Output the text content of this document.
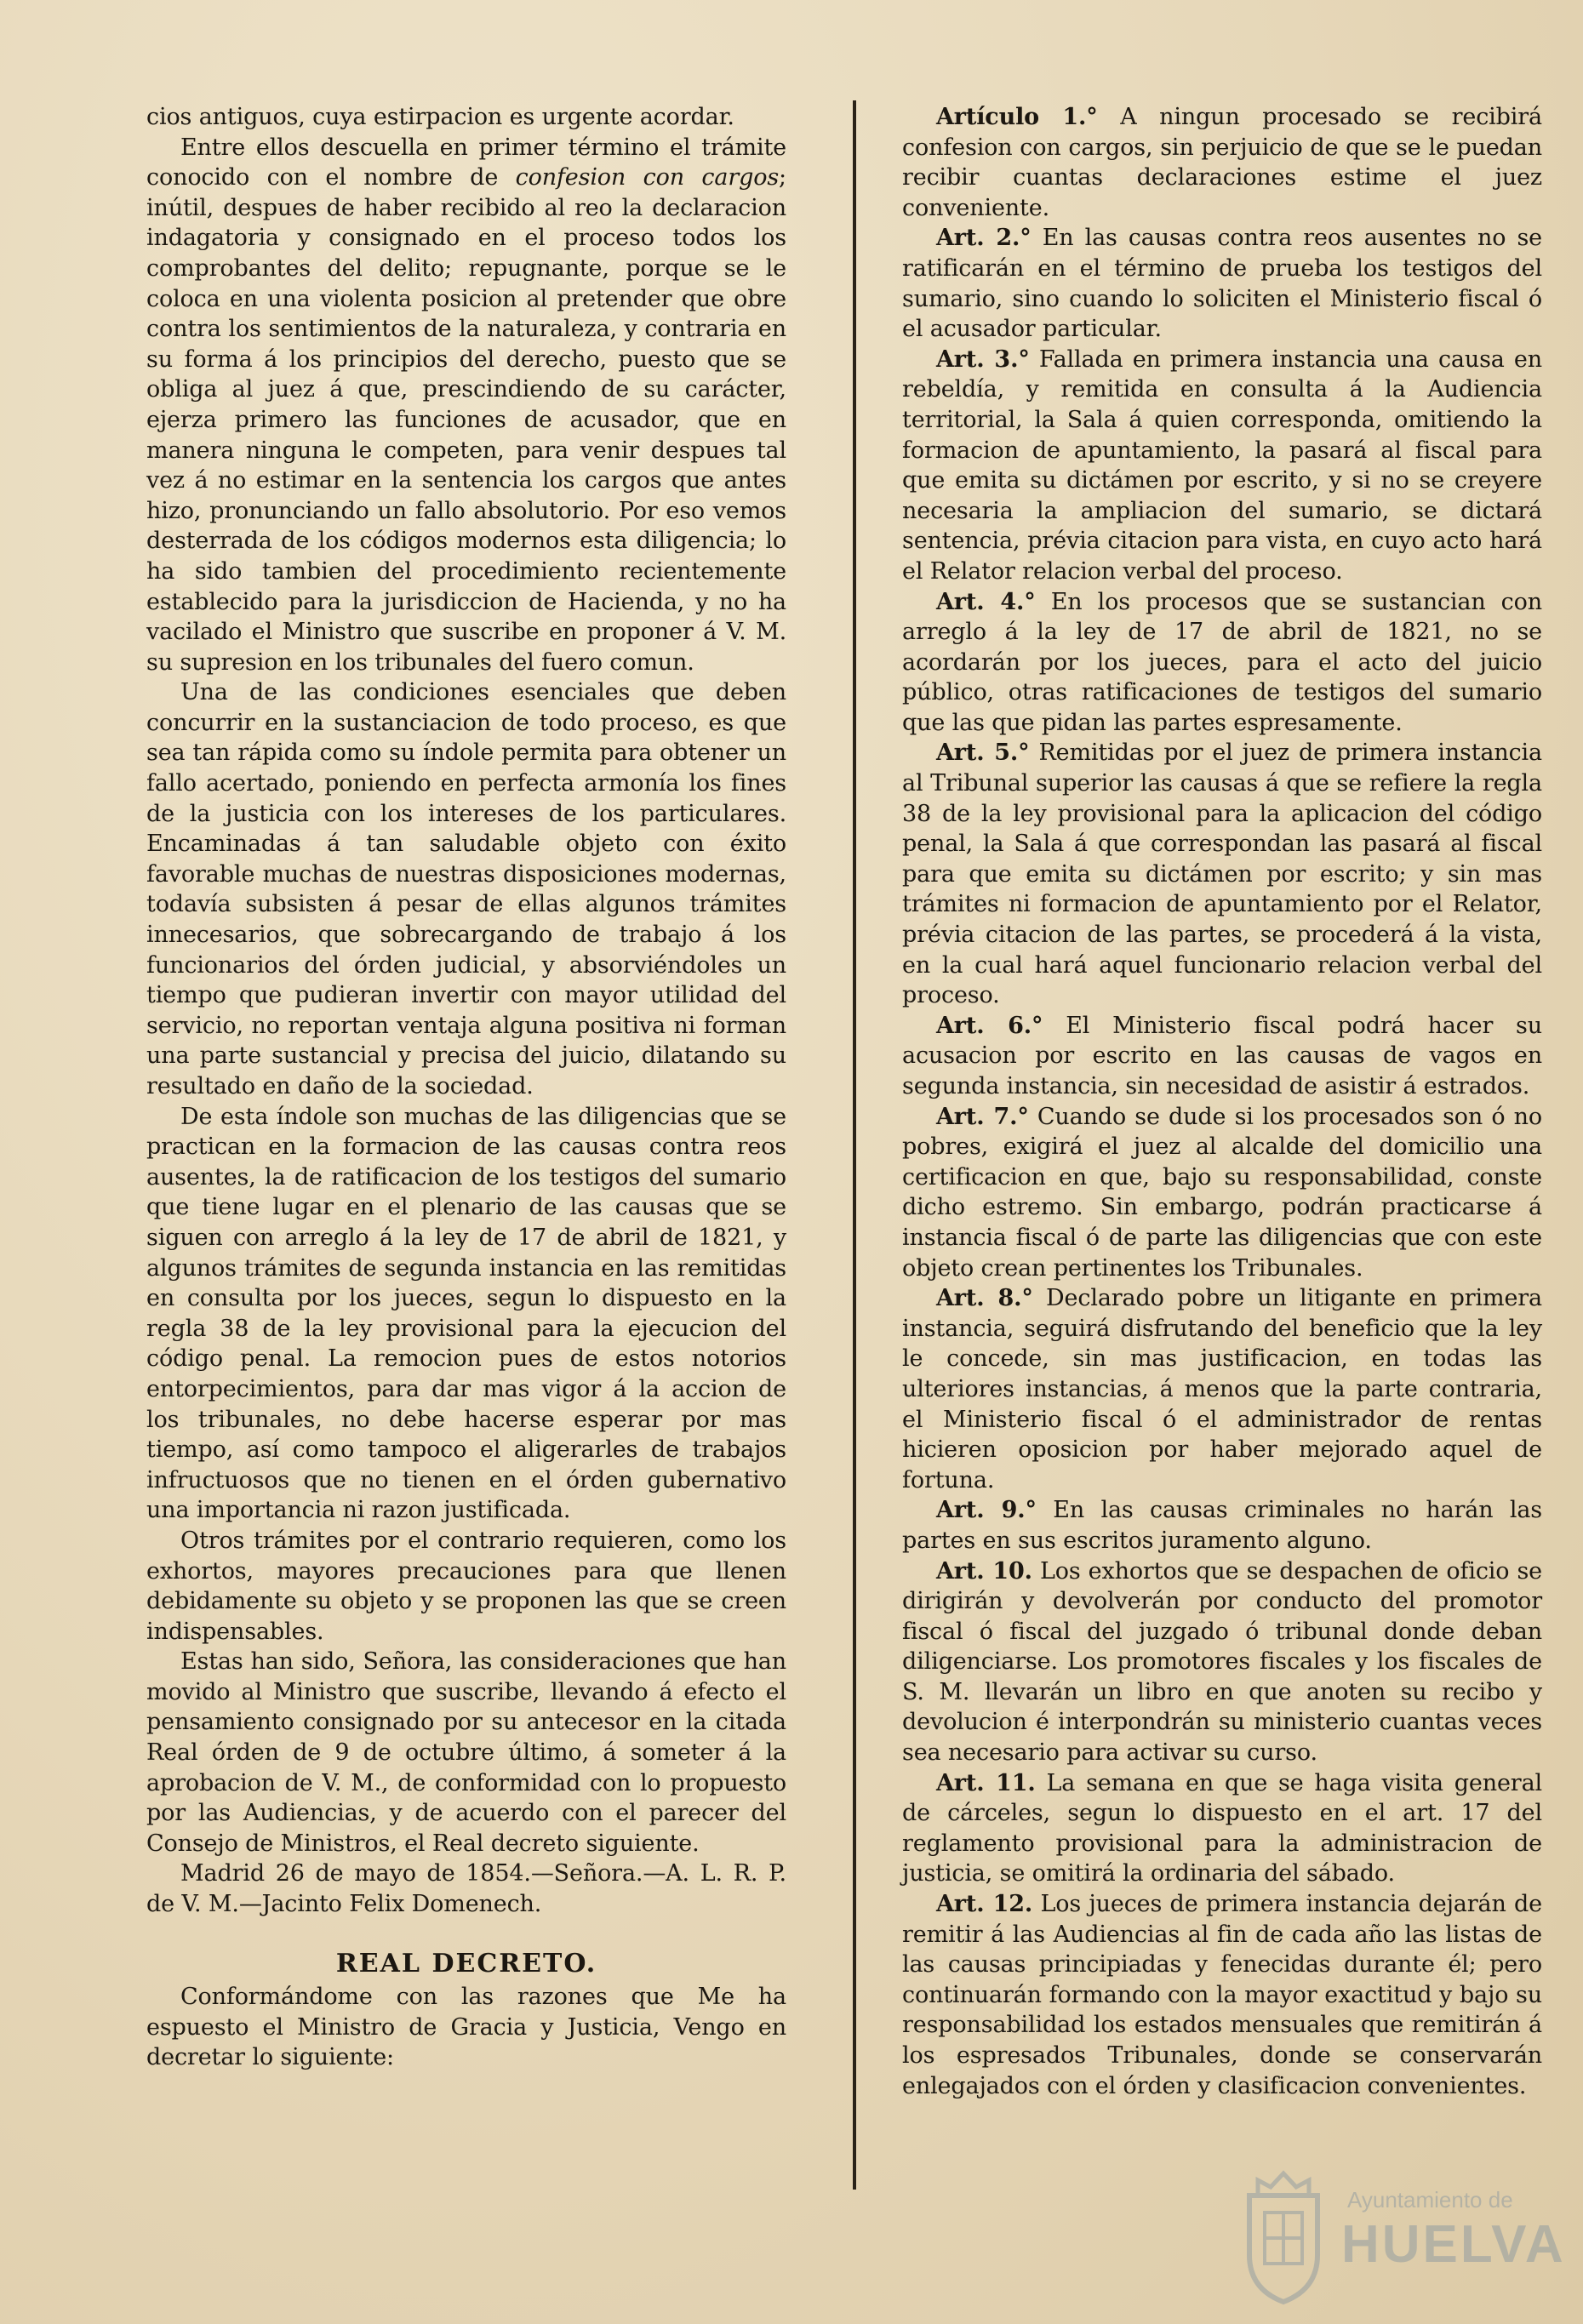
cios antiguos, cuya estirpacion es urgente acordar.

Entre ellos descuella en primer término el trámite conocido con el nombre de confesion con cargos; inútil, despues de haber recibido al reo la declaracion indagatoria y consignado en el proceso todos los comprobantes del delito; repugnante, porque se le coloca en una violenta posicion al pretender que obre contra los sentimientos de la naturaleza, y contraria en su forma á los principios del derecho, puesto que se obliga al juez á que, prescindiendo de su carácter, ejerza primero las funciones de acusador, que en manera ninguna le competen, para venir despues tal vez á no estimar en la sentencia los cargos que antes hizo, pronunciando un fallo absolutorio. Por eso vemos desterrada de los códigos modernos esta diligencia; lo ha sido tambien del procedimiento recientemente establecido para la jurisdiccion de Hacienda, y no ha vacilado el Ministro que suscribe en proponer á V. M. su supresion en los tribunales del fuero comun.

Una de las condiciones esenciales que deben concurrir en la sustanciacion de todo proceso, es que sea tan rápida como su índole permita para obtener un fallo acertado, poniendo en perfecta armonía los fines de la justicia con los intereses de los particulares. Encaminadas á tan saludable objeto con éxito favorable muchas de nuestras disposiciones modernas, todavía subsisten á pesar de ellas algunos trámites innecesarios, que sobrecargando de trabajo á los funcionarios del órden judicial, y absorviéndoles un tiempo que pudieran invertir con mayor utilidad del servicio, no reportan ventaja alguna positiva ni forman una parte sustancial y precisa del juicio, dilatando su resultado en daño de la sociedad.

De esta índole son muchas de las diligencias que se practican en la formacion de las causas contra reos ausentes, la de ratificacion de los testigos del sumario que tiene lugar en el plenario de las causas que se siguen con arreglo á la ley de 17 de abril de 1821, y algunos trámites de segunda instancia en las remitidas en consulta por los jueces, segun lo dispuesto en la regla 38 de la ley provisional para la ejecucion del código penal. La remocion pues de estos notorios entorpecimientos, para dar mas vigor á la accion de los tribunales, no debe hacerse esperar por mas tiempo, así como tampoco el aligerarles de trabajos infructuosos que no tienen en el órden gubernativo una importancia ni razon justificada.

Otros trámites por el contrario requieren, como los exhortos, mayores precauciones para que llenen debidamente su objeto y se proponen las que se creen indispensables.

Estas han sido, Señora, las consideraciones que han movido al Ministro que suscribe, llevando á efecto el pensamiento consignado por su antecesor en la citada Real órden de 9 de octubre último, á someter á la aprobacion de V. M., de conformidad con lo propuesto por las Audiencias, y de acuerdo con el parecer del Consejo de Ministros, el Real decreto siguiente.

Madrid 26 de mayo de 1854.—Señora.—A. L. R. P. de V. M.—Jacinto Felix Domenech.

REAL DECRETO.

Conformándome con las razones que Me ha espuesto el Ministro de Gracia y Justicia, Vengo en decretar lo siguiente:

Artículo 1.° A ningun procesado se recibirá confesion con cargos, sin perjuicio de que se le puedan recibir cuantas declaraciones estime el juez conveniente.

Art. 2.° En las causas contra reos ausentes no se ratificarán en el término de prueba los testigos del sumario, sino cuando lo soliciten el Ministerio fiscal ó el acusador particular.

Art. 3.° Fallada en primera instancia una causa en rebeldía, y remitida en consulta á la Audiencia territorial, la Sala á quien corresponda, omitiendo la formacion de apuntamiento, la pasará al fiscal para que emita su dictámen por escrito, y si no se creyere necesaria la ampliacion del sumario, se dictará sentencia, prévia citacion para vista, en cuyo acto hará el Relator relacion verbal del proceso.

Art. 4.° En los procesos que se sustancian con arreglo á la ley de 17 de abril de 1821, no se acordarán por los jueces, para el acto del juicio público, otras ratificaciones de testigos del sumario que las que pidan las partes espresamente.

Art. 5.° Remitidas por el juez de primera instancia al Tribunal superior las causas á que se refiere la regla 38 de la ley provisional para la aplicacion del código penal, la Sala á que correspondan las pasará al fiscal para que emita su dictámen por escrito; y sin mas trámites ni formacion de apuntamiento por el Relator, prévia citacion de las partes, se procederá á la vista, en la cual hará aquel funcionario relacion verbal del proceso.

Art. 6.° El Ministerio fiscal podrá hacer su acusacion por escrito en las causas de vagos en segunda instancia, sin necesidad de asistir á estrados.

Art. 7.° Cuando se dude si los procesados son ó no pobres, exigirá el juez al alcalde del domicilio una certificacion en que, bajo su responsabilidad, conste dicho estremo. Sin embargo, podrán practicarse á instancia fiscal ó de parte las diligencias que con este objeto crean pertinentes los Tribunales.

Art. 8.° Declarado pobre un litigante en primera instancia, seguirá disfrutando del beneficio que la ley le concede, sin mas justificacion, en todas las ulteriores instancias, á menos que la parte contraria, el Ministerio fiscal ó el administrador de rentas hicieren oposicion por haber mejorado aquel de fortuna.

Art. 9.° En las causas criminales no harán las partes en sus escritos juramento alguno.

Art. 10. Los exhortos que se despachen de oficio se dirigirán y devolverán por conducto del promotor fiscal ó fiscal del juzgado ó tribunal donde deban diligenciarse. Los promotores fiscales y los fiscales de S. M. llevarán un libro en que anoten su recibo y devolucion é interpondrán su ministerio cuantas veces sea necesario para activar su curso.

Art. 11. La semana en que se haga visita general de cárceles, segun lo dispuesto en el art. 17 del reglamento provisional para la administracion de justicia, se omitirá la ordinaria del sábado.

Art. 12. Los jueces de primera instancia dejarán de remitir á las Audiencias al fin de cada año las listas de las causas principiadas y fenecidas durante él; pero continuarán formando con la mayor exactitud y bajo su responsabilidad los estados mensuales que remitirán á los espresados Tribunales, donde se conservarán enlegajados con el órden y clasificacion convenientes.

Ayuntamiento de
HUELVA
